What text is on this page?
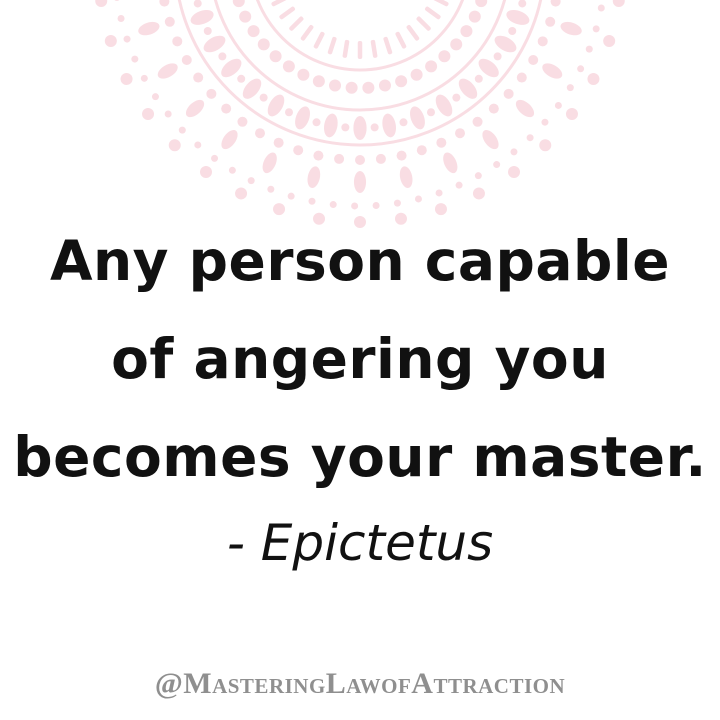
Any person capable
of angering you
becomes your master.
- Epictetus
@MasteringLawofAttraction
